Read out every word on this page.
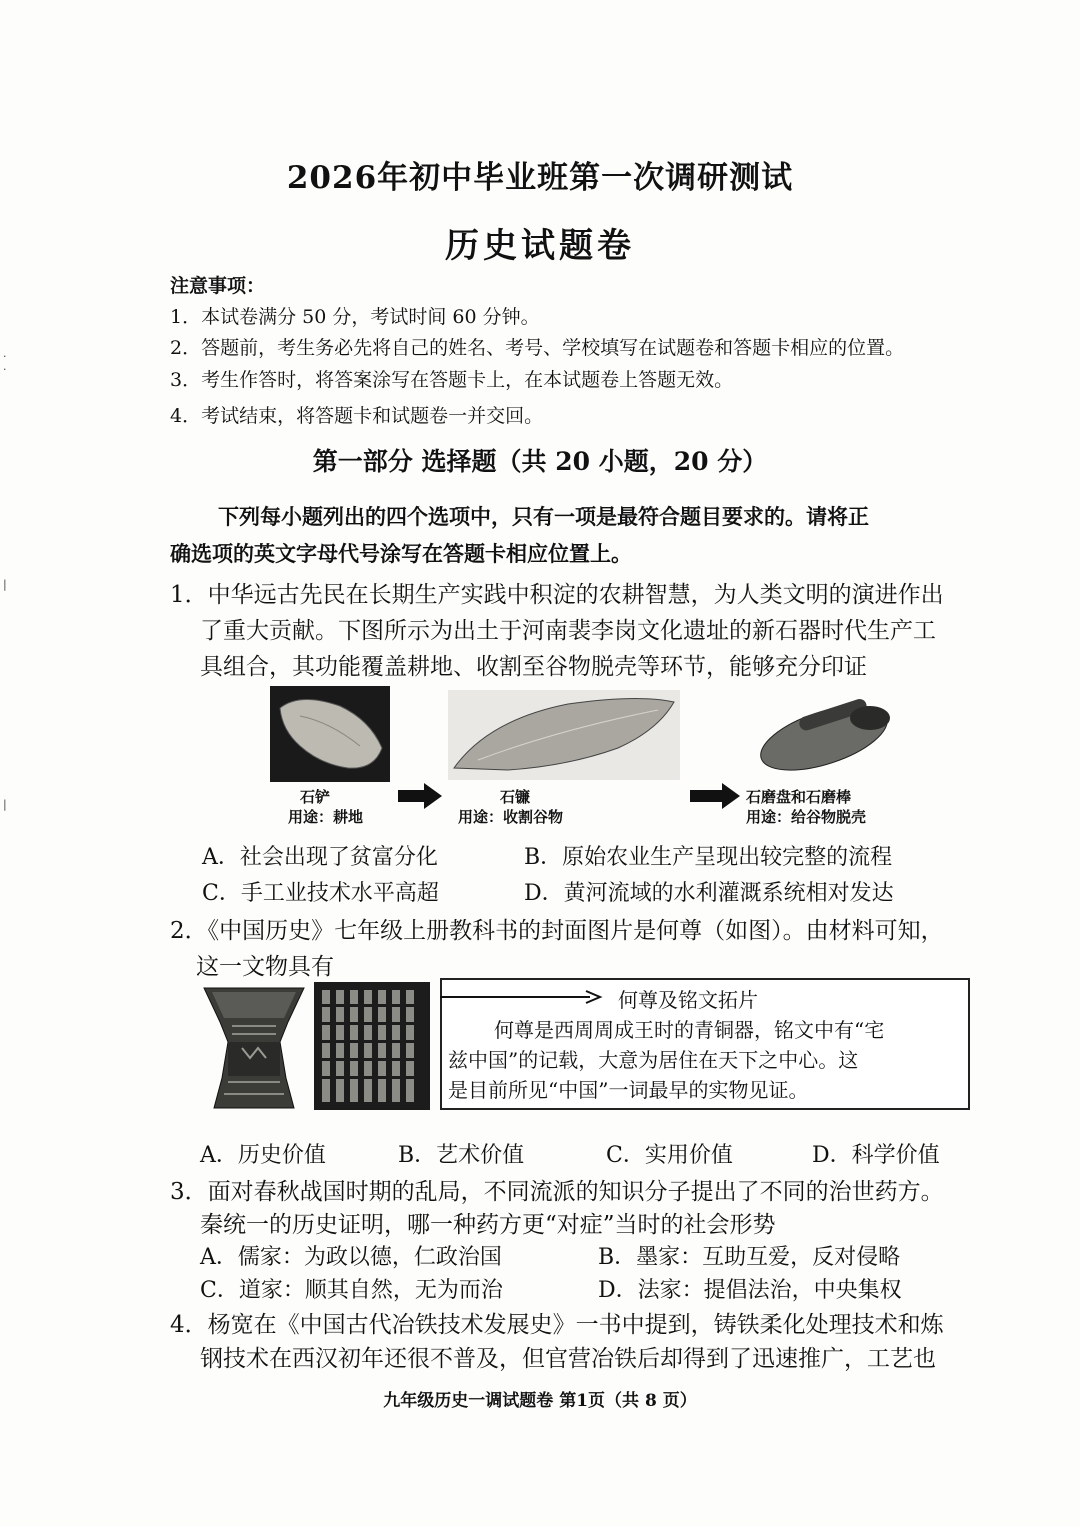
·
·
|
|
2026年初中毕业班第一次调研测试
历史试题卷
注意事项：
1．本试卷满分 50 分，考试时间 60 分钟。
2．答题前，考生务必先将自己的姓名、考号、学校填写在试题卷和答题卡相应的位置。
3．考生作答时，将答案涂写在答题卡上，在本试题卷上答题无效。
4．考试结束，将答题卡和试题卷一并交回。
第一部分 选择题（共 20 小题，20 分）
下列每小题列出的四个选项中，只有一项是最符合题目要求的。请将正
确选项的英文字母代号涂写在答题卡相应位置上。
1．中华远古先民在长期生产实践中积淀的农耕智慧，为人类文明的演进作出
了重大贡献。下图所示为出土于河南裴李岗文化遗址的新石器时代生产工
具组合，其功能覆盖耕地、收割至谷物脱壳等环节，能够充分印证
石铲
用途：耕地
石镰
用途：收割谷物
石磨盘和石磨棒
用途：给谷物脱壳
A．社会出现了贫富分化	B．原始农业生产呈现出较完整的流程
C．手工业技术水平高超	D．黄河流域的水利灌溉系统相对发达
2．《中国历史》七年级上册教科书的封面图片是何尊（如图）。由材料可知，
这一文物具有
何尊及铭文拓片
何尊是西周周成王时的青铜器，铭文中有“宅
兹中国”的记载，大意为居住在天下之中心。这
是目前所见“中国”一词最早的实物见证。
A．历史价值	B．艺术价值	C．实用价值	D．科学价值
3．面对春秋战国时期的乱局，不同流派的知识分子提出了不同的治世药方。
秦统一的历史证明，哪一种药方更“对症”当时的社会形势
A．儒家：为政以德，仁政治国	B．墨家：互助互爱，反对侵略
C．道家：顺其自然，无为而治	D．法家：提倡法治，中央集权
4．杨宽在《中国古代冶铁技术发展史》一书中提到，铸铁柔化处理技术和炼
钢技术在西汉初年还很不普及，但官营冶铁后却得到了迅速推广，工艺也
九年级历史一调试题卷 第1页（共 8 页）
